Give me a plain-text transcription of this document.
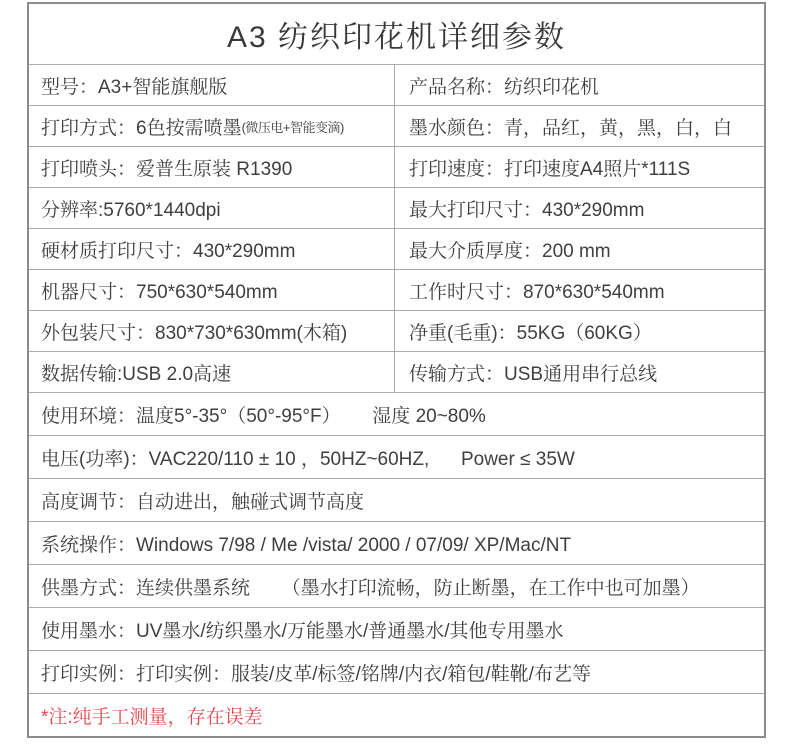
A3 纺织印花机详细参数
型号：A3+智能旗舰版	产品名称：纺织印花机
打印方式：6色按需喷墨 (微压电+智能变滴)	墨水颜色：青，品红，黄，黑，白，白
打印喷头：爱普生原装 R1390	打印速度：打印速度A4照片*111S
分辨率:5760*1440dpi	最大打印尺寸：430*290mm
硬材质打印尺寸：430*290mm	最大介质厚度：200 mm
机器尺寸：750*630*540mm	工作时尺寸：870*630*540mm
外包装尺寸：830*730*630mm(木箱)	净重(毛重)：55KG（60KG）
数据传输:USB 2.0高速	传输方式：USB通用串行总线
使用环境：温度5°-35°（50°-95°F）      湿度 20~80%
电压(功率)：VAC220/110 ± 10 ，50HZ~60HZ,      Power ≤ 35W
高度调节：自动进出，触碰式调节高度
系统操作：Windows 7/98 / Me /vista/ 2000 / 07/09/ XP/Mac/NT
供墨方式：连续供墨系统      （墨水打印流畅，防止断墨，在工作中也可加墨）
使用墨水：UV墨水/纺织墨水/万能墨水/普通墨水/其他专用墨水
打印实例：打印实例：服装/皮革/标签/铭牌/内衣/箱包/鞋靴/布艺等
*注:纯手工测量，存在误差
